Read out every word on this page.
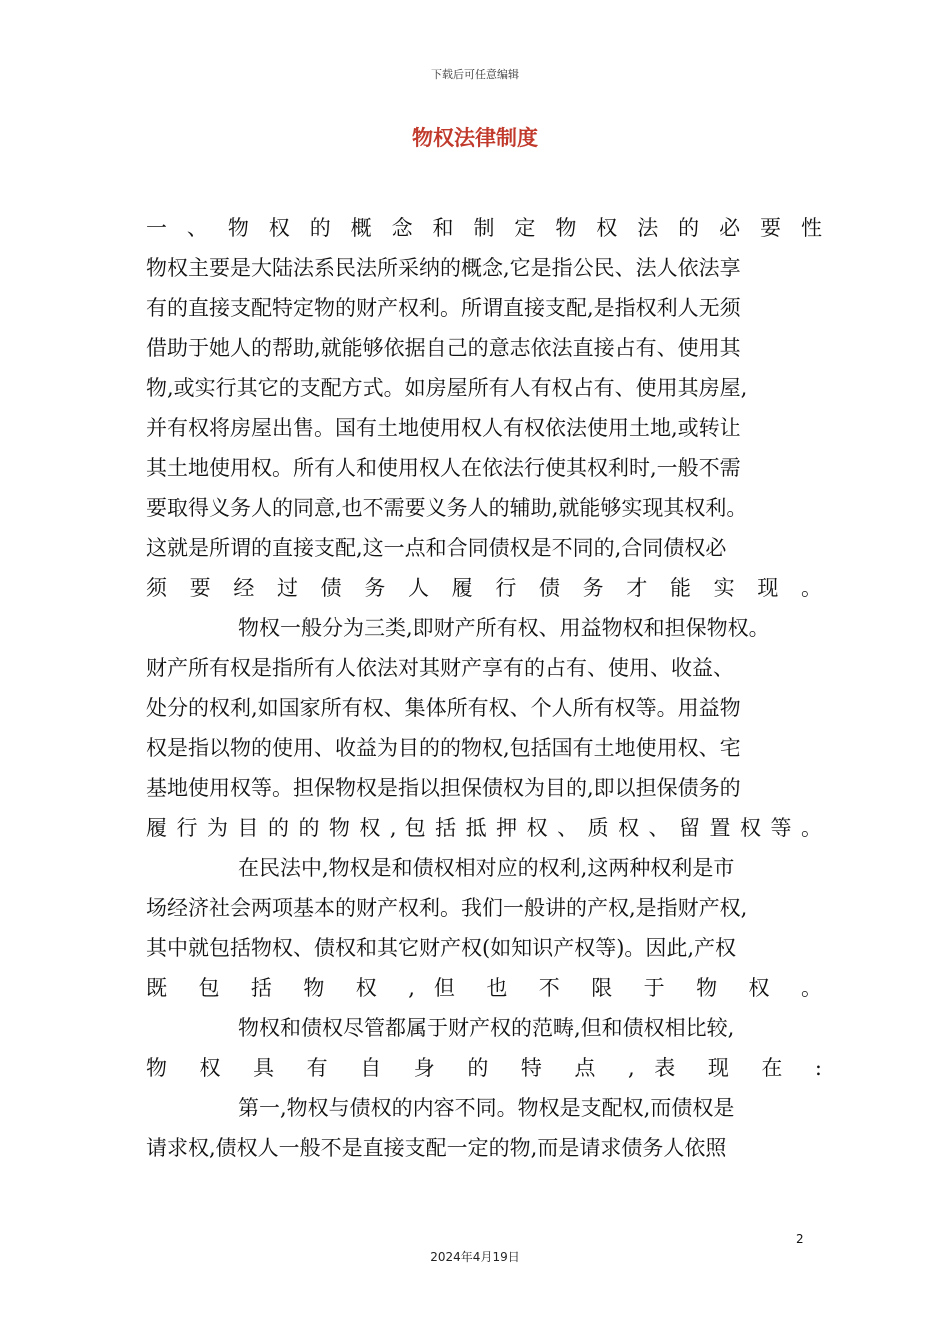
下载后可任意编辑
物权法律制度
一 、 物 权 的 概 念 和 制 定 物 权 法 的 必 要 性
物权主要是大陆法系民法所采纳的概念,它是指公民、法人依法享
有的直接支配特定物的财产权利。所谓直接支配,是指权利人无须
借助于她人的帮助,就能够依据自己的意志依法直接占有、使用其
物,或实行其它的支配方式。如房屋所有人有权占有、使用其房屋,
并有权将房屋出售。国有土地使用权人有权依法使用土地,或转让
其土地使用权。所有人和使用权人在依法行使其权利时,一般不需
要取得义务人的同意,也不需要义务人的辅助,就能够实现其权利。
这就是所谓的直接支配,这一点和合同债权是不同的,合同债权必
须 要 经 过 债 务 人 履 行 债 务 才 能 实 现 。
物权一般分为三类,即财产所有权、用益物权和担保物权。
财产所有权是指所有人依法对其财产享有的占有、使用、收益、
处分的权利,如国家所有权、集体所有权、个人所有权等。用益物
权是指以物的使用、收益为目的的物权,包括国有土地使用权、宅
基地使用权等。担保物权是指以担保债权为目的,即以担保债务的
履 行 为 目 的 的 物 权 , 包 括 抵 押 权 、 质 权 、 留 置 权 等 。
在民法中,物权是和债权相对应的权利,这两种权利是市
场经济社会两项基本的财产权利。我们一般讲的产权,是指财产权,
其中就包括物权、债权和其它财产权(如知识产权等)。因此,产权
既 包 括 物 权 , 但 也 不 限 于 物 权 。
物权和债权尽管都属于财产权的范畴,但和债权相比较,
物 权 具 有 自 身 的 特 点 , 表 现 在 :
第一,物权与债权的内容不同。物权是支配权,而债权是
请求权,债权人一般不是直接支配一定的物,而是请求债务人依照
2
2024年4月19日
